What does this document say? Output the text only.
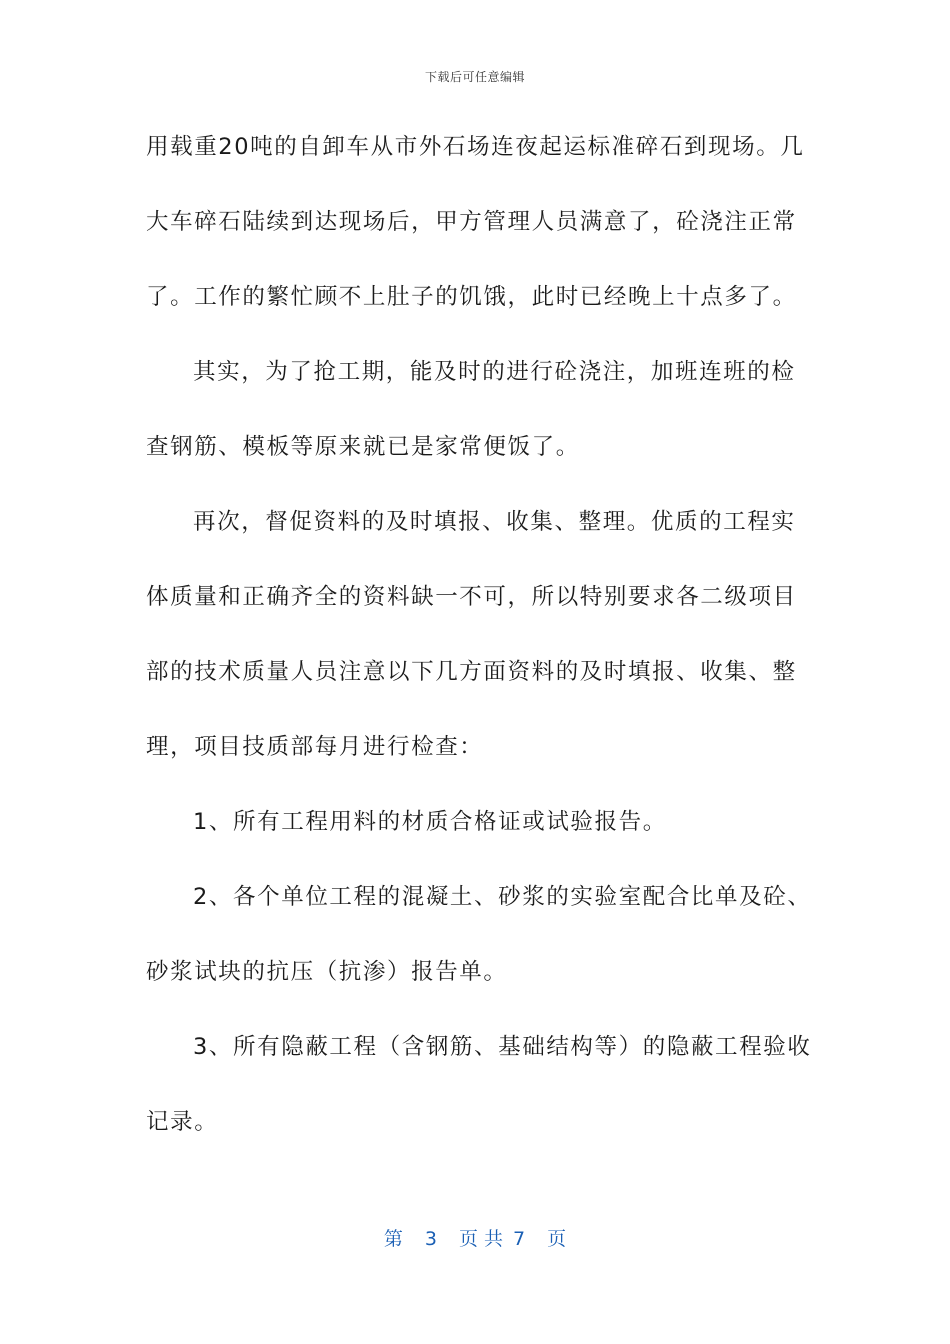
下载后可任意编辑
用载重20吨的自卸车从市外石场连夜起运标准碎石到现场。几
大车碎石陆续到达现场后，甲方管理人员满意了，砼浇注正常
了。工作的繁忙顾不上肚子的饥饿，此时已经晚上十点多了。
其实，为了抢工期，能及时的进行砼浇注，加班连班的检
查钢筋、模板等原来就已是家常便饭了。
再次，督促资料的及时填报、收集、整理。优质的工程实
体质量和正确齐全的资料缺一不可，所以特别要求各二级项目
部的技术质量人员注意以下几方面资料的及时填报、收集、整
理，项目技质部每月进行检查：
1、所有工程用料的材质合格证或试验报告。
2、各个单位工程的混凝土、砂浆的实验室配合比单及砼、
砂浆试块的抗压（抗渗）报告单。
3、所有隐蔽工程（含钢筋、基础结构等）的隐蔽工程验收
记录。
第 3 页 共 7 页
